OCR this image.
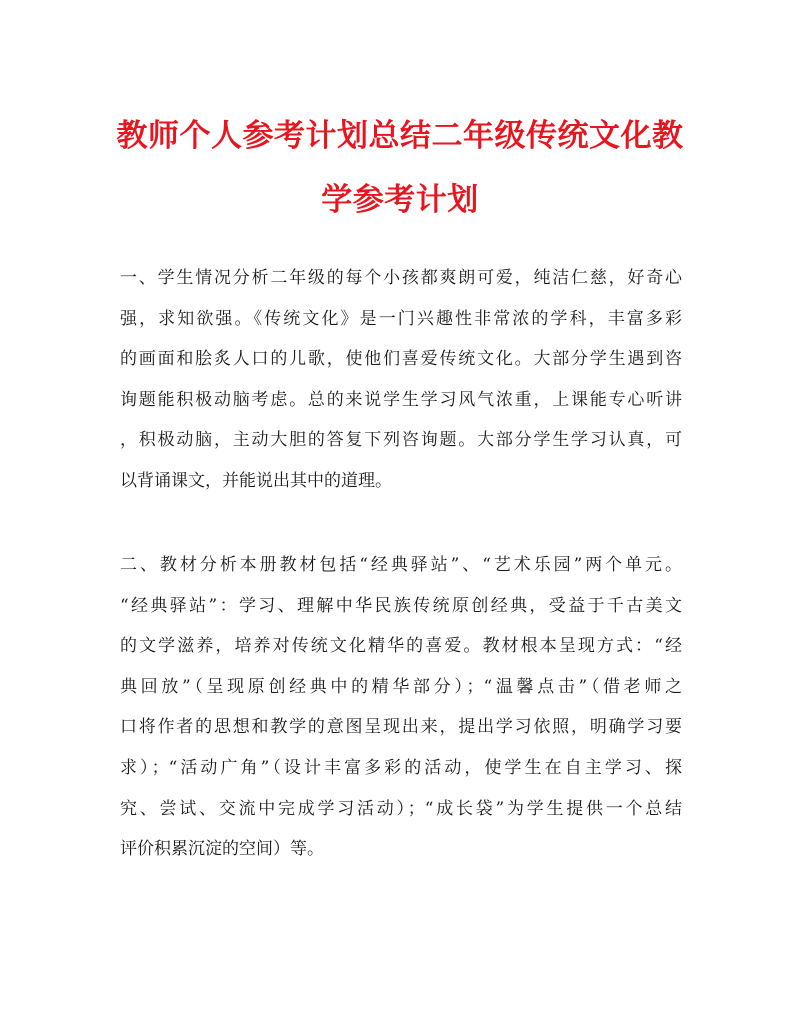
教师个人参考计划总结二年级传统文化教
学参考计划
一、学生情况分析二年级的每个小孩都爽朗可爱，纯洁仁慈，好奇心
强，求知欲强。《传统文化》是一门兴趣性非常浓的学科，丰富多彩
的画面和脍炙人口的儿歌，使他们喜爱传统文化。大部分学生遇到咨
询题能积极动脑考虑。总的来说学生学习风气浓重，上课能专心听讲
，积极动脑，主动大胆的答复下列咨询题。大部分学生学习认真，可
以背诵课文，并能说出其中的道理。
二、教材分析本册教材包括“经典驿站”、“艺术乐园”两个单元。
“经典驿站”：学习、理解中华民族传统原创经典，受益于千古美文
的文学滋养，培养对传统文化精华的喜爱。教材根本呈现方式：“经
典回放”（呈现原创经典中的精华部分）；“温馨点击”（借老师之
口将作者的思想和教学的意图呈现出来，提出学习依照，明确学习要
求）；“活动广角”（设计丰富多彩的活动，使学生在自主学习、探
究、尝试、交流中完成学习活动）；“成长袋”为学生提供一个总结
评价积累沉淀的空间）等。
